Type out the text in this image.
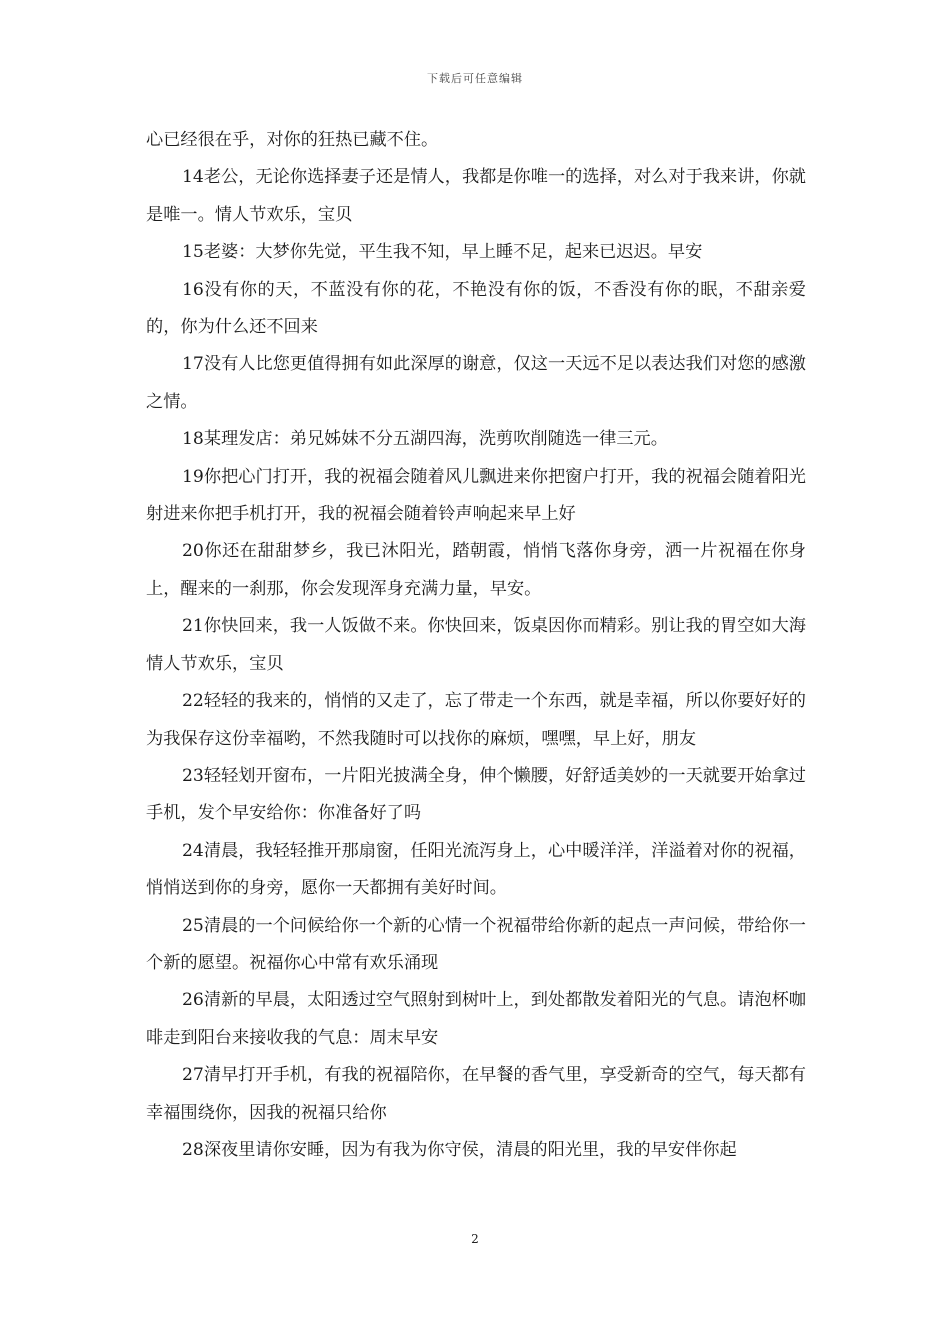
下载后可任意编辑

心已经很在乎，对你的狂热已藏不住。

14老公，无论你选择妻子还是情人，我都是你唯一的选择，对么对于我来讲，你就是唯一。情人节欢乐，宝贝

15老婆：大梦你先觉，平生我不知，早上睡不足，起来已迟迟。早安

16没有你的天，不蓝没有你的花，不艳没有你的饭，不香没有你的眠，不甜亲爱的，你为什么还不回来

17没有人比您更值得拥有如此深厚的谢意，仅这一天远不足以表达我们对您的感激之情。

18某理发店：弟兄姊妹不分五湖四海，洗剪吹削随选一律三元。

19你把心门打开，我的祝福会随着风儿飘进来你把窗户打开，我的祝福会随着阳光射进来你把手机打开，我的祝福会随着铃声响起来早上好

20你还在甜甜梦乡，我已沐阳光，踏朝霞，悄悄飞落你身旁，洒一片祝福在你身上，醒来的一刹那，你会发现浑身充满力量，早安。

21你快回来，我一人饭做不来。你快回来，饭桌因你而精彩。别让我的胃空如大海情人节欢乐，宝贝

22轻轻的我来的，悄悄的又走了，忘了带走一个东西，就是幸福，所以你要好好的为我保存这份幸福哟，不然我随时可以找你的麻烦，嘿嘿，早上好，朋友

23轻轻划开窗布，一片阳光披满全身，伸个懒腰，好舒适美妙的一天就要开始拿过手机，发个早安给你：你准备好了吗

24清晨，我轻轻推开那扇窗，任阳光流泻身上，心中暖洋洋，洋溢着对你的祝福，悄悄送到你的身旁，愿你一天都拥有美好时间。

25清晨的一个问候给你一个新的心情一个祝福带给你新的起点一声问候，带给你一个新的愿望。祝福你心中常有欢乐涌现

26清新的早晨，太阳透过空气照射到树叶上，到处都散发着阳光的气息。请泡杯咖啡走到阳台来接收我的气息：周末早安

27清早打开手机，有我的祝福陪你，在早餐的香气里，享受新奇的空气，每天都有幸福围绕你，因我的祝福只给你

28深夜里请你安睡，因为有我为你守侯，清晨的阳光里，我的早安伴你起

2
